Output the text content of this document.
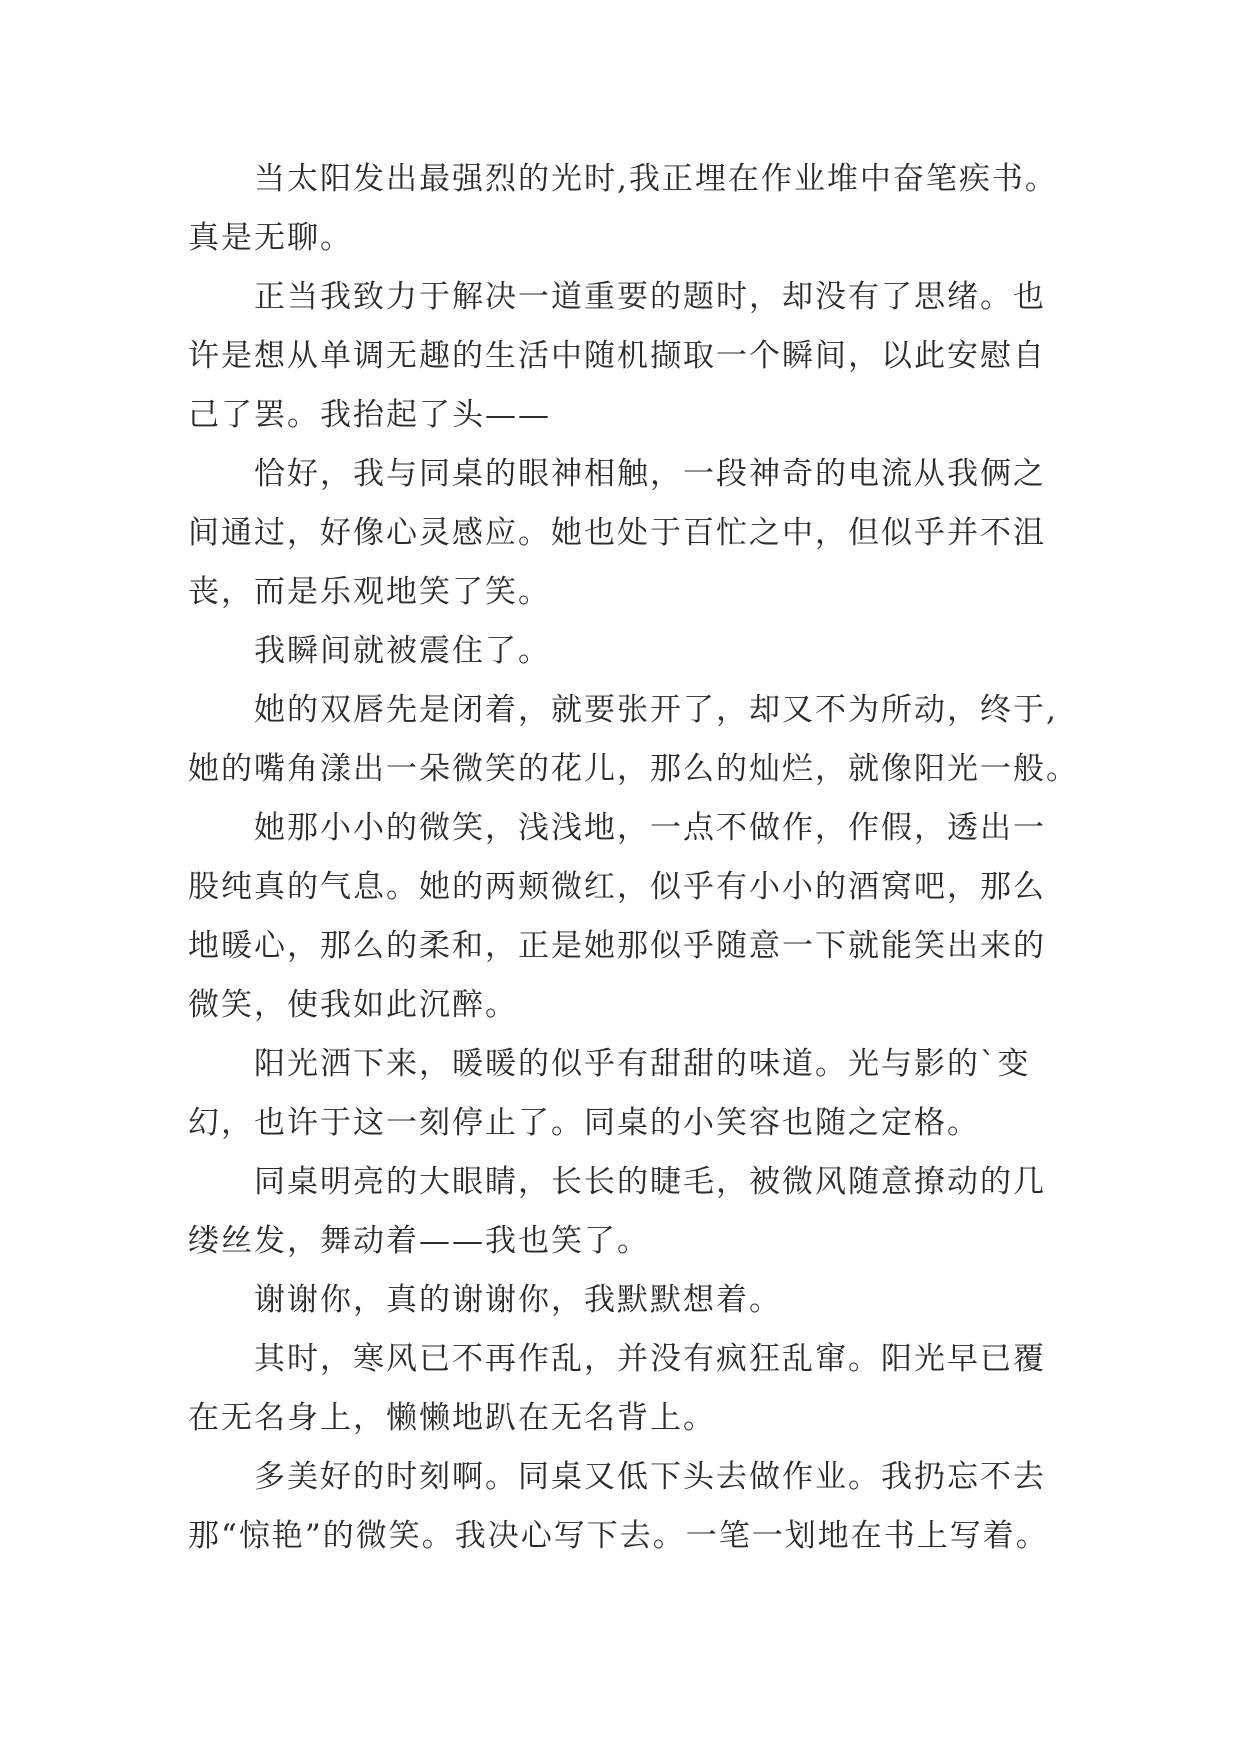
　　当太阳发出最强烈的光时,我正埋在作业堆中奋笔疾书。
真是无聊。
　　正当我致力于解决一道重要的题时，却没有了思绪。也
许是想从单调无趣的生活中随机撷取一个瞬间，以此安慰自
己了罢。我抬起了头——
　　恰好，我与同桌的眼神相触，一段神奇的电流从我俩之
间通过，好像心灵感应。她也处于百忙之中，但似乎并不沮
丧，而是乐观地笑了笑。
　　我瞬间就被震住了。
　　她的双唇先是闭着，就要张开了，却又不为所动，终于,
她的嘴角漾出一朵微笑的花儿，那么的灿烂，就像阳光一般。
　　她那小小的微笑，浅浅地，一点不做作，作假，透出一
股纯真的气息。她的两颊微红，似乎有小小的酒窝吧，那么
地暖心，那么的柔和，正是她那似乎随意一下就能笑出来的
微笑，使我如此沉醉。
　　阳光洒下来，暖暖的似乎有甜甜的味道。光与影的`变
幻，也许于这一刻停止了。同桌的小笑容也随之定格。
　　同桌明亮的大眼睛，长长的睫毛，被微风随意撩动的几
缕丝发，舞动着——我也笑了。
　　谢谢你，真的谢谢你，我默默想着。
　　其时，寒风已不再作乱，并没有疯狂乱窜。阳光早已覆
在无名身上，懒懒地趴在无名背上。
　　多美好的时刻啊。同桌又低下头去做作业。我扔忘不去
那“惊艳”的微笑。我决心写下去。一笔一划地在书上写着。
